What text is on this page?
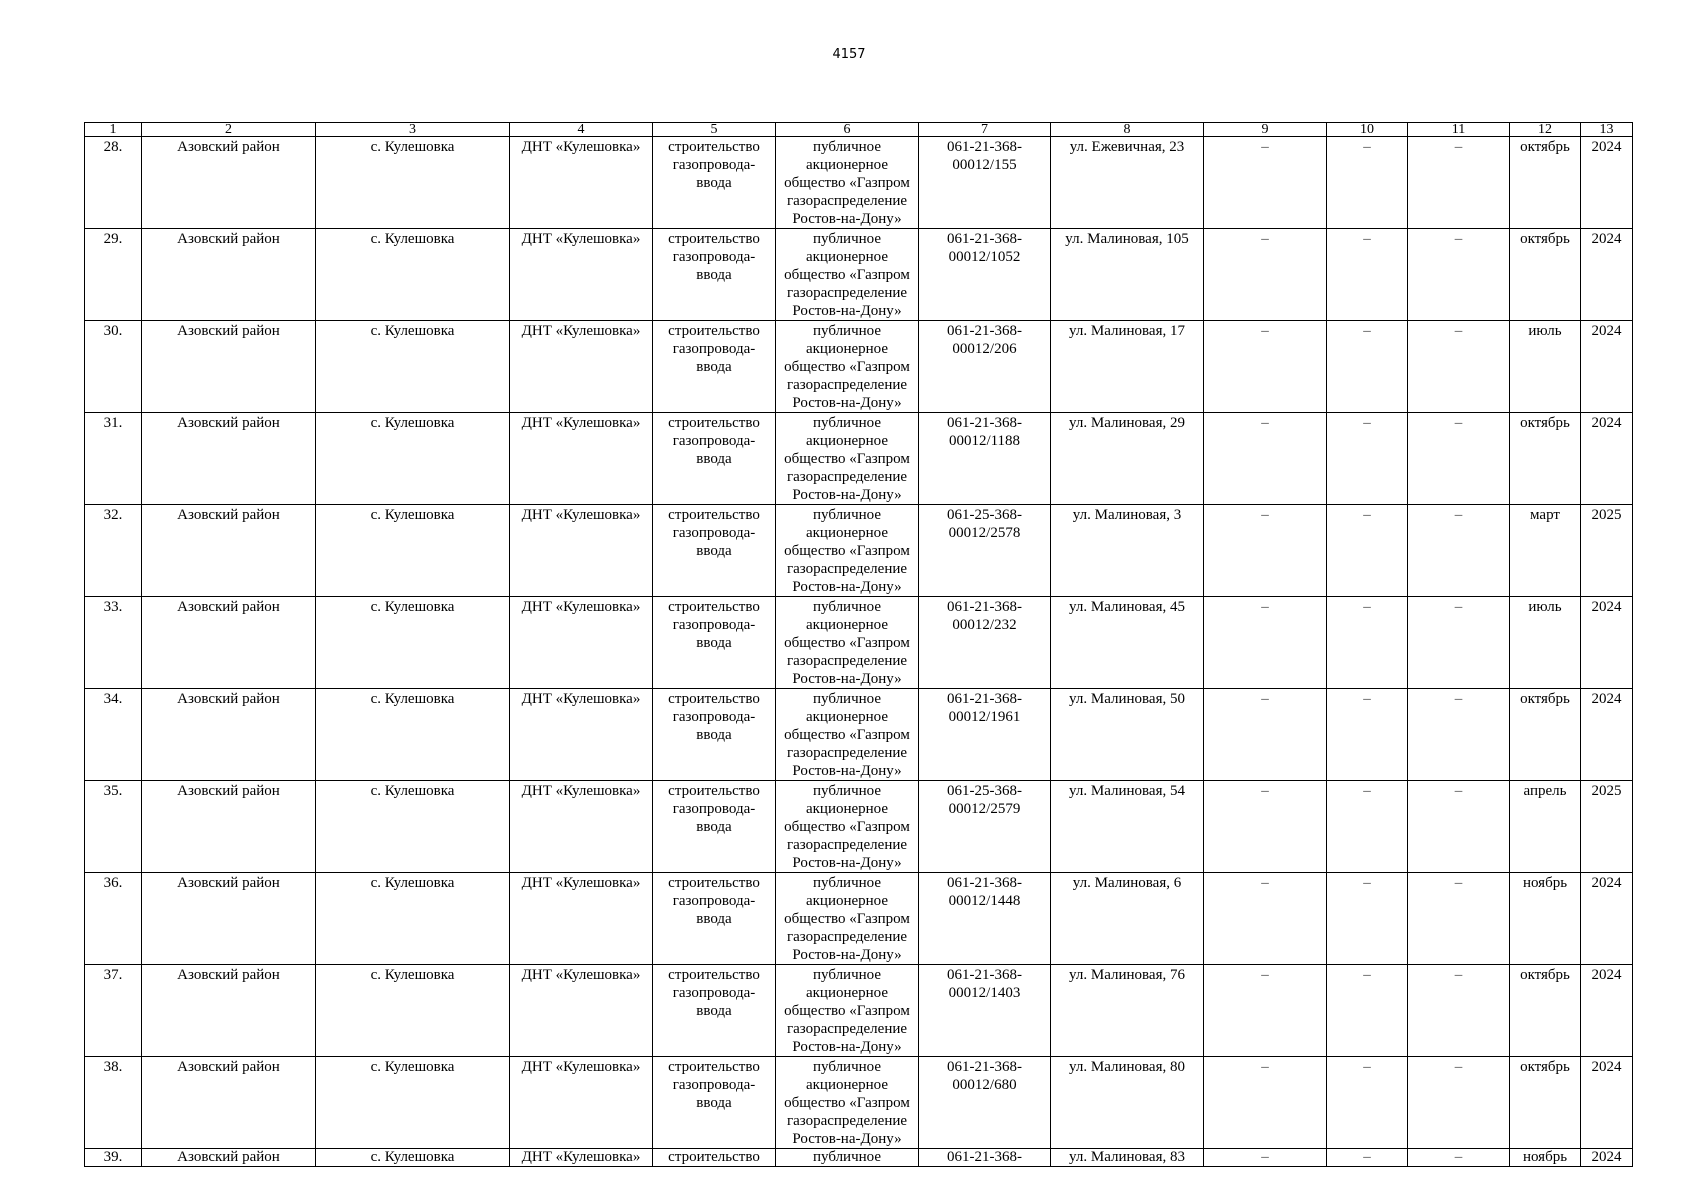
4157
1	2	3	4	5	6	7	8	9	10	11	12	13
28.	Азовский район	с. Кулешовка	ДНТ «Кулешовка»	строительство газопровода-ввода	публичное акционерное общество «Газпром газораспределение Ростов-на-Дону»	061-21-368-00012/155	ул. Ежевичная, 23	–	–	–	октябрь	2024
29.	Азовский район	с. Кулешовка	ДНТ «Кулешовка»	строительство газопровода-ввода	публичное акционерное общество «Газпром газораспределение Ростов-на-Дону»	061-21-368-00012/1052	ул. Малиновая, 105	–	–	–	октябрь	2024
30.	Азовский район	с. Кулешовка	ДНТ «Кулешовка»	строительство газопровода-ввода	публичное акционерное общество «Газпром газораспределение Ростов-на-Дону»	061-21-368-00012/206	ул. Малиновая, 17	–	–	–	июль	2024
31.	Азовский район	с. Кулешовка	ДНТ «Кулешовка»	строительство газопровода-ввода	публичное акционерное общество «Газпром газораспределение Ростов-на-Дону»	061-21-368-00012/1188	ул. Малиновая, 29	–	–	–	октябрь	2024
32.	Азовский район	с. Кулешовка	ДНТ «Кулешовка»	строительство газопровода-ввода	публичное акционерное общество «Газпром газораспределение Ростов-на-Дону»	061-25-368-00012/2578	ул. Малиновая, 3	–	–	–	март	2025
33.	Азовский район	с. Кулешовка	ДНТ «Кулешовка»	строительство газопровода-ввода	публичное акционерное общество «Газпром газораспределение Ростов-на-Дону»	061-21-368-00012/232	ул. Малиновая, 45	–	–	–	июль	2024
34.	Азовский район	с. Кулешовка	ДНТ «Кулешовка»	строительство газопровода-ввода	публичное акционерное общество «Газпром газораспределение Ростов-на-Дону»	061-21-368-00012/1961	ул. Малиновая, 50	–	–	–	октябрь	2024
35.	Азовский район	с. Кулешовка	ДНТ «Кулешовка»	строительство газопровода-ввода	публичное акционерное общество «Газпром газораспределение Ростов-на-Дону»	061-25-368-00012/2579	ул. Малиновая, 54	–	–	–	апрель	2025
36.	Азовский район	с. Кулешовка	ДНТ «Кулешовка»	строительство газопровода-ввода	публичное акционерное общество «Газпром газораспределение Ростов-на-Дону»	061-21-368-00012/1448	ул. Малиновая, 6	–	–	–	ноябрь	2024
37.	Азовский район	с. Кулешовка	ДНТ «Кулешовка»	строительство газопровода-ввода	публичное акционерное общество «Газпром газораспределение Ростов-на-Дону»	061-21-368-00012/1403	ул. Малиновая, 76	–	–	–	октябрь	2024
38.	Азовский район	с. Кулешовка	ДНТ «Кулешовка»	строительство газопровода-ввода	публичное акционерное общество «Газпром газораспределение Ростов-на-Дону»	061-21-368-00012/680	ул. Малиновая, 80	–	–	–	октябрь	2024
39.	Азовский район	с. Кулешовка	ДНТ «Кулешовка»	строительство	публичное	061-21-368-	ул. Малиновая, 83	–	–	–	ноябрь	2024
